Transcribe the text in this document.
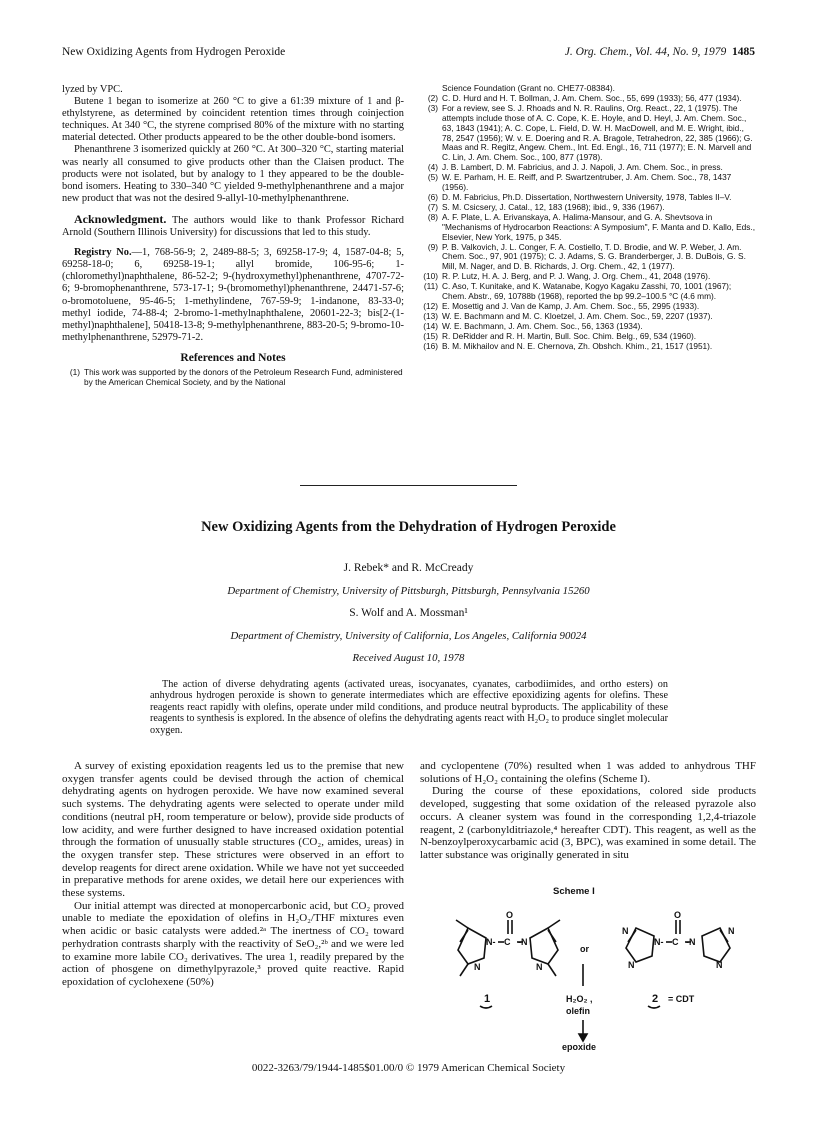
New Oxidizing Agents from Hydrogen Peroxide	J. Org. Chem., Vol. 44, No. 9, 1979 1485

lyzed by VPC.

Butene 1 began to isomerize at 260 °C to give a 61:39 mixture of 1 and β-ethylstyrene, as determined by coincident retention times through coinjection techniques. At 340 °C, the styrene comprised 80% of the mixture with no starting material detected. Other products appeared to be the other double-bond isomers.

Phenanthrene 3 isomerized quickly at 260 °C. At 300–320 °C, starting material was nearly all consumed to give products other than the Claisen product. The products were not isolated, but by analogy to 1 they appeared to be the double-bond isomers. Heating to 330–340 °C yielded 9-methylphenanthrene and a major new product that was not the desired 9-allyl-10-methylphenanthrene.

Acknowledgment. The authors would like to thank Professor Richard Arnold (Southern Illinois University) for discussions that led to this study.

Registry No.—1, 768-56-9; 2, 2489-88-5; 3, 69258-17-9; 4, 1587-04-8; 5, 69258-18-0; 6, 69258-19-1; allyl bromide, 106-95-6; 1-(chloromethyl)naphthalene, 86-52-2; 9-(hydroxymethyl)phenanthrene, 4707-72-6; 9-bromophenanthrene, 573-17-1; 9-(bromomethyl)phenanthrene, 24471-57-6; o-bromotoluene, 95-46-5; 1-methylindene, 767-59-9; 1-indanone, 83-33-0; methyl iodide, 74-88-4; 2-bromo-1-methylnaphthalene, 20601-22-3; bis[2-(1-methyl)naphthalene], 50418-13-8; 9-methylphenanthrene, 883-20-5; 9-bromo-10-methylphenanthrene, 52979-71-2.

References and Notes
(1) This work was supported by the donors of the Petroleum Research Fund, administered by the American Chemical Society, and by the National
Science Foundation (Grant no. CHE77-08384).
(2) C. D. Hurd and H. T. Bollman, J. Am. Chem. Soc., 55, 699 (1933); 56, 477 (1934).
(3) For a review, see S. J. Rhoads and N. R. Raulins, Org. React., 22, 1 (1975). The attempts include those of A. C. Cope, K. E. Hoyle, and D. Heyl, J. Am. Chem. Soc., 63, 1843 (1941); A. C. Cope, L. Field, D. W. H. MacDowell, and M. E. Wright, ibid., 78, 2547 (1956); W. v. E. Doering and R. A. Bragole, Tetrahedron, 22, 385 (1966); G. Maas and R. Regitz, Angew. Chem., Int. Ed. Engl., 16, 711 (1977); E. N. Marvell and C. Lin, J. Am. Chem. Soc., 100, 877 (1978).
(4) J. B. Lambert, D. M. Fabricius, and J. J. Napoli, J. Am. Chem. Soc., in press.
(5) W. E. Parham, H. E. Reiff, and P. Swartzentruber, J. Am. Chem. Soc., 78, 1437 (1956).
(6) D. M. Fabricius, Ph.D. Dissertation, Northwestern University, 1978, Tables II–V.
(7) S. M. Csicsery, J. Catal., 12, 183 (1968); ibid., 9, 336 (1967).
(8) A. F. Plate, L. A. Erivanskaya, A. Halima-Mansour, and G. A. Shevtsova in "Mechanisms of Hydrocarbon Reactions: A Symposium", F. Manta and D. Kallo, Eds., Elsevier, New York, 1975, p 345.
(9) P. B. Valkovich, J. L. Conger, F. A. Costiello, T. D. Brodie, and W. P. Weber, J. Am. Chem. Soc., 97, 901 (1975); C. J. Adams, S. G. Branderberger, J. B. DuBois, G. S. Mill, M. Nager, and D. B. Richards, J. Org. Chem., 42, 1 (1977).
(10) R. P. Lutz, H. A. J. Berg, and P. J. Wang, J. Org. Chem., 41, 2048 (1976).
(11) C. Aso, T. Kunitake, and K. Watanabe, Kogyo Kagaku Zasshi, 70, 1001 (1967); Chem. Abstr., 69, 10788b (1968), reported the bp 99.2–100.5 °C (4.6 mm).
(12) E. Mosettig and J. Van de Kamp, J. Am. Chem. Soc., 55, 2995 (1933).
(13) W. E. Bachmann and M. C. Kloetzel, J. Am. Chem. Soc., 59, 2207 (1937).
(14) W. E. Bachmann, J. Am. Chem. Soc., 56, 1363 (1934).
(15) R. DeRidder and R. H. Martin, Bull. Soc. Chim. Belg., 69, 534 (1960).
(16) B. M. Mikhailov and N. E. Chernova, Zh. Obshch. Khim., 21, 1517 (1951).
New Oxidizing Agents from the Dehydration of Hydrogen Peroxide
J. Rebek* and R. McCready
Department of Chemistry, University of Pittsburgh, Pittsburgh, Pennsylvania 15260
S. Wolf and A. Mossman¹
Department of Chemistry, University of California, Los Angeles, California 90024
Received August 10, 1978

The action of diverse dehydrating agents (activated ureas, isocyanates, cyanates, carbodiimides, and ortho esters) on anhydrous hydrogen peroxide is shown to generate intermediates which are effective epoxidizing agents for olefins. These reagents react rapidly with olefins, operate under mild conditions, and produce neutral byproducts. The applicability of these reagents to synthesis is explored. In the absence of olefins the dehydrating agents react with H₂O₂ to produce singlet molecular oxygen.

A survey of existing epoxidation reagents led us to the premise that new oxygen transfer agents could be devised through the action of chemical dehydrating agents on hydrogen peroxide. We have now examined several such systems. The dehydrating agents were selected to operate under mild conditions (neutral pH, room temperature or below), provide side products of low acidity, and were further designed to have increased oxidation potential through the formation of unusually stable structures (CO₂, amides, ureas) in the oxygen transfer step. These strictures were observed in an effort to develop reagents for direct arene oxidation. While we have not yet succeeded in preparative methods for arene oxides, we detail here our experiences with these systems.

Our initial attempt was directed at monopercarbonic acid, but CO₂ proved unable to mediate the epoxidation of olefins in H₂O₂/THF mixtures even when acidic or basic catalysts were added.²ᵃ The inertness of CO₂ toward perhydration contrasts sharply with the reactivity of SeO₂,²ᵇ and we were led to examine more labile CO₂ derivatives. The urea 1, readily prepared by the action of phosgene on dimethylpyrazole,³ proved quite reactive. Rapid epoxidation of cyclohexene (50%)

and cyclopentene (70%) resulted when 1 was added to anhydrous THF solutions of H₂O₂ containing the olefins (Scheme I).

During the course of these epoxidations, colored side products developed, suggesting that some oxidation of the released pyrazole also occurs. A cleaner system was found in the corresponding 1,2,4-triazole reagent, 2 (carbonylditriazole,⁴ hereafter CDT). This reagent, as well as the N-benzoylperoxycarbamic acid (3, BPC), was examined in some detail. The latter substance was originally generated in situ

Scheme I
N- C -N
O
N	N
N
N- C -N
O
N
N
N
or
1	2 = CDT
H₂O₂ ,
olefin
epoxide
0022-3263/79/1944-1485$01.00/0 © 1979 American Chemical Society
